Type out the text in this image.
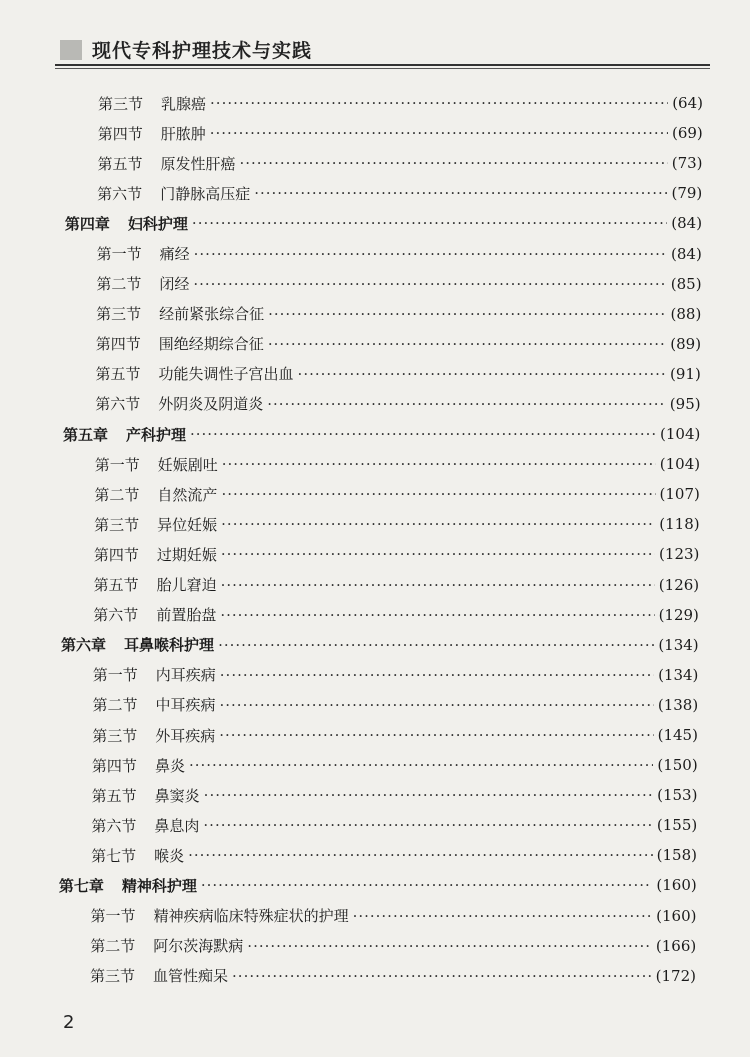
现代专科护理技术与实践
第三节 乳腺癌 ·····	(64)
第四节 肝脓肿 ·····	(69)
第五节 原发性肝癌 ·····	(73)
第六节 门静脉高压症 ·····	(79)
第四章 妇科护理 ·····	(84)
第一节 痛经 ·····	(84)
第二节 闭经 ·····	(85)
第三节 经前紧张综合征 ·····	(88)
第四节 围绝经期综合征 ·····	(89)
第五节 功能失调性子宫出血 ·····	(91)
第六节 外阴炎及阴道炎 ·····	(95)
第五章 产科护理 ·····	(104)
第一节 妊娠剧吐 ·····	(104)
第二节 自然流产 ·····	(107)
第三节 异位妊娠 ·····	(118)
第四节 过期妊娠 ·····	(123)
第五节 胎儿窘迫 ·····	(126)
第六节 前置胎盘 ·····	(129)
第六章 耳鼻喉科护理 ·····	(134)
第一节 内耳疾病 ·····	(134)
第二节 中耳疾病 ·····	(138)
第三节 外耳疾病 ·····	(145)
第四节 鼻炎 ·····	(150)
第五节 鼻窦炎 ·····	(153)
第六节 鼻息肉 ·····	(155)
第七节 喉炎 ·····	(158)
第七章 精神科护理 ·····	(160)
第一节 精神疾病临床特殊症状的护理 ·····	(160)
第二节 阿尔茨海默病 ·····	(166)
第三节 血管性痴呆 ·····	(172)
2
